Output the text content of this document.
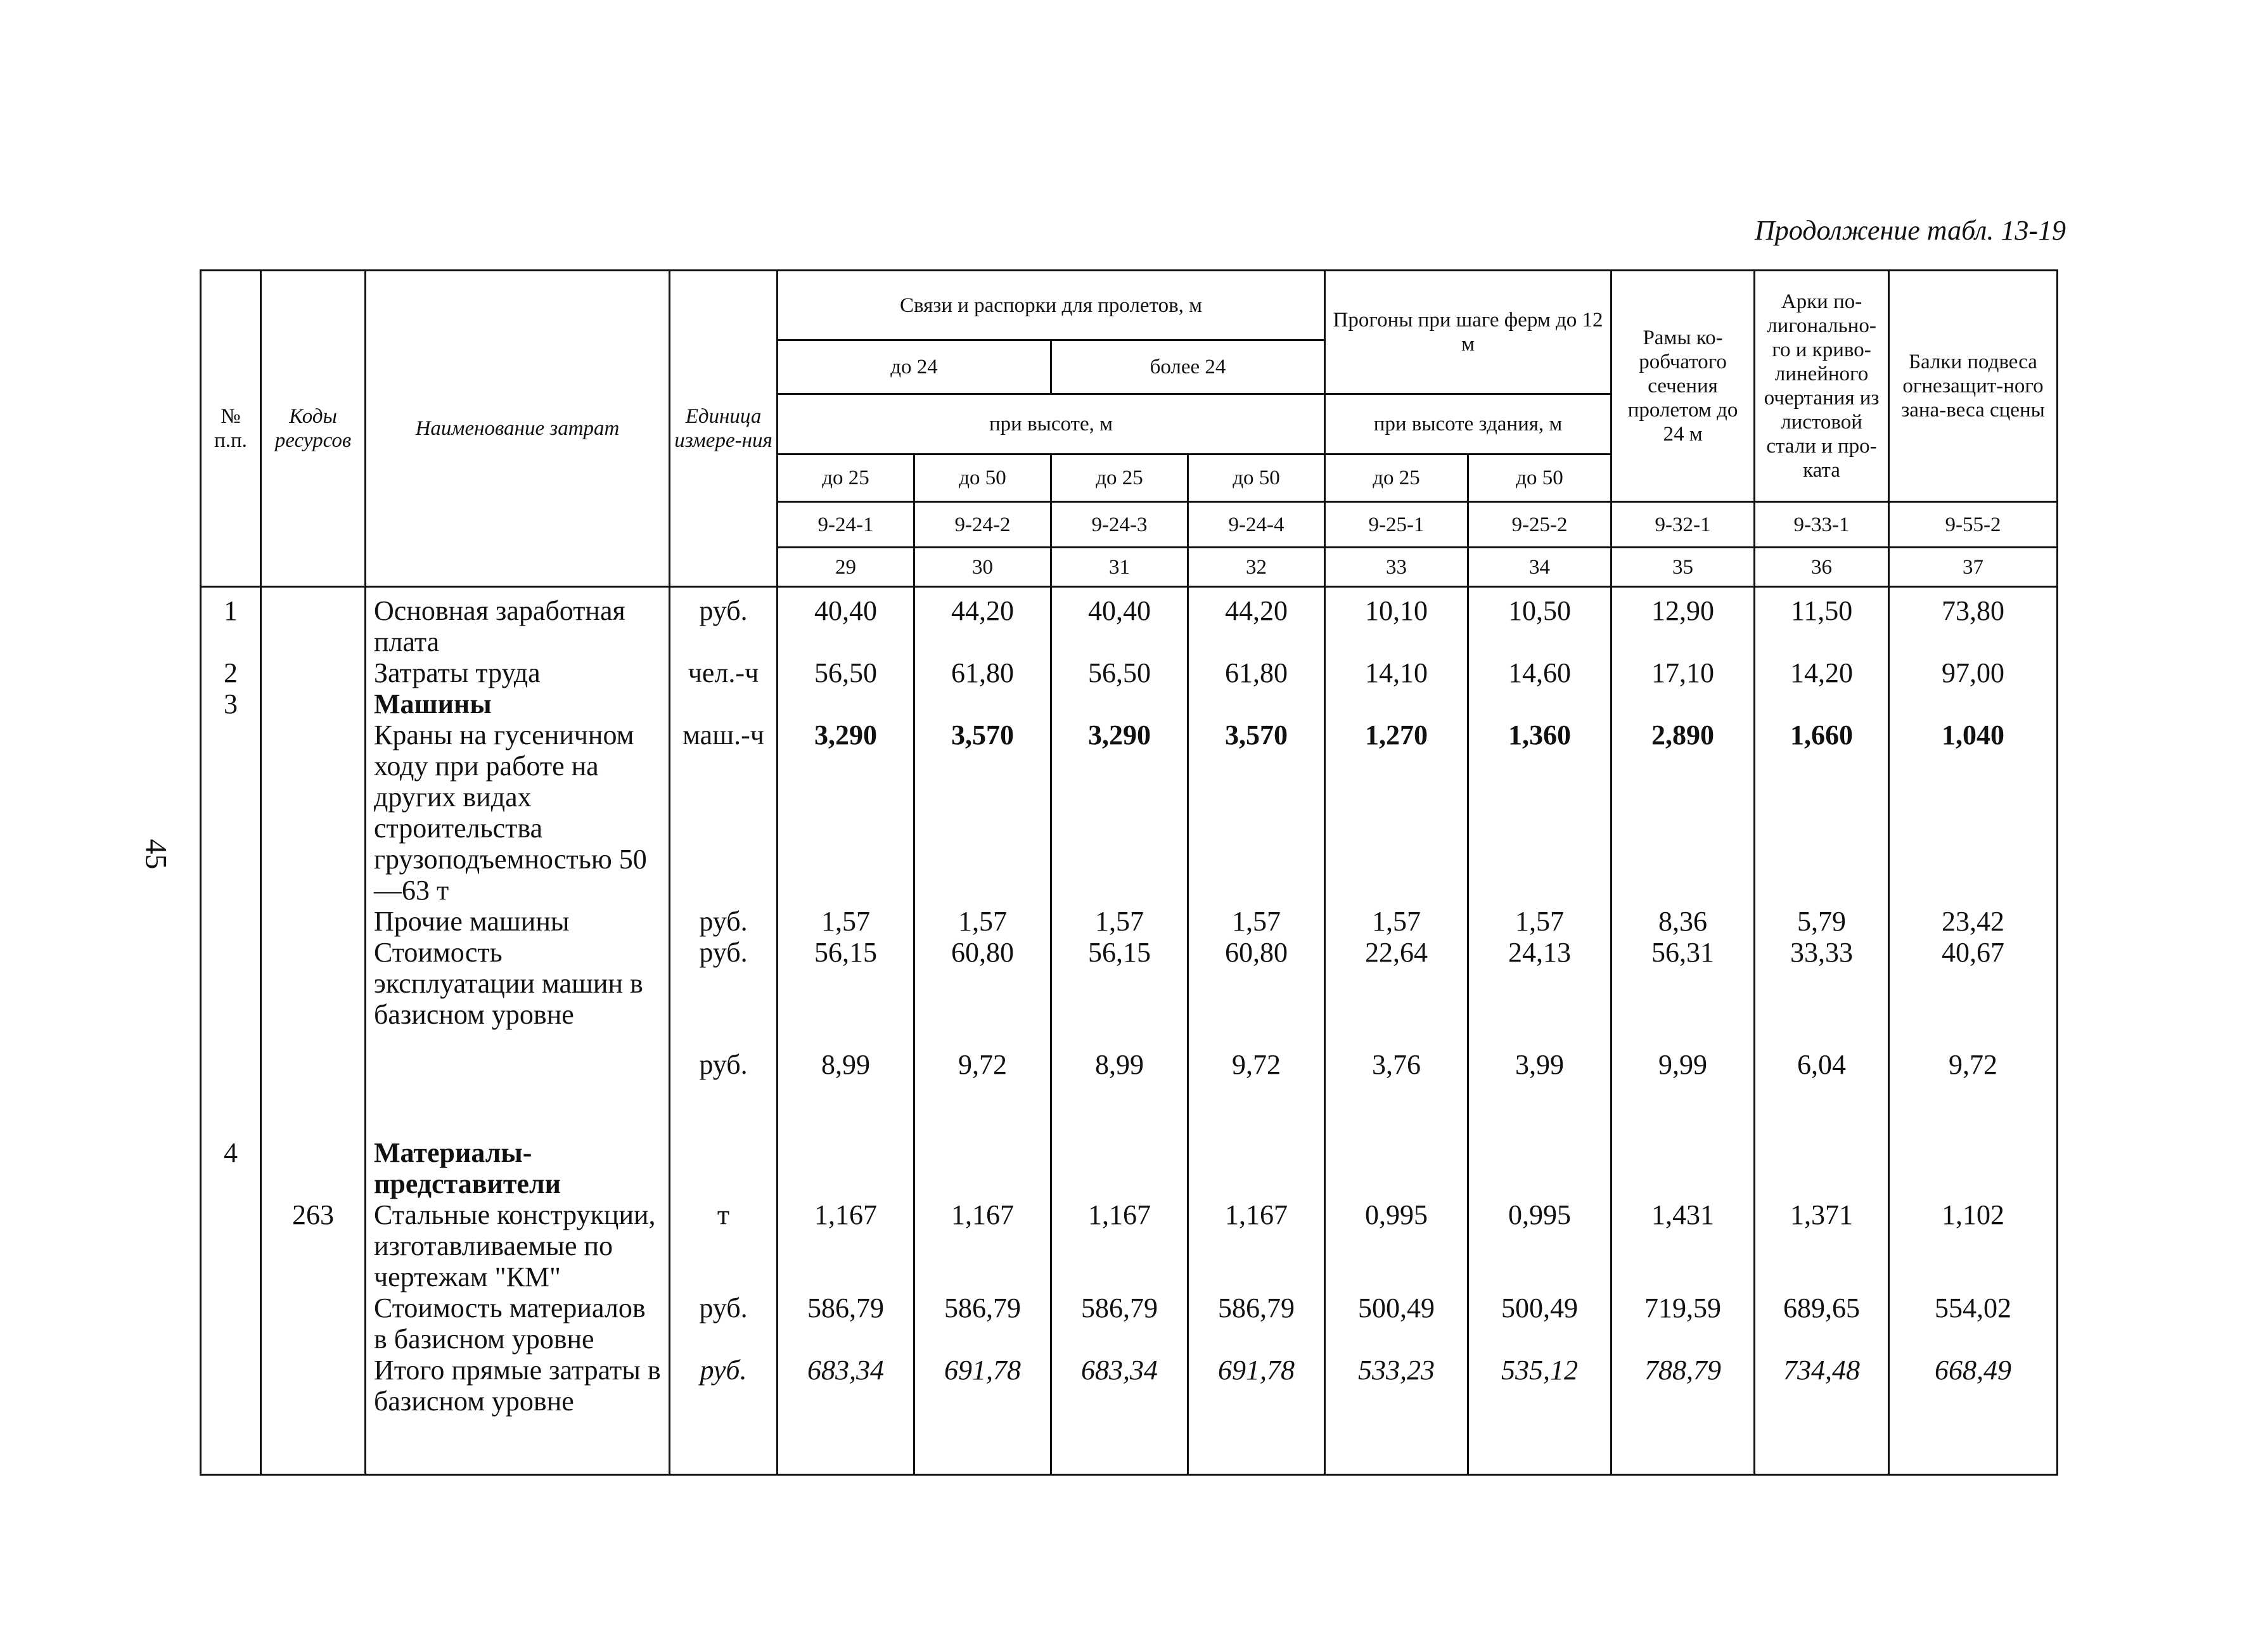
Продолжение табл. 13-19
45
№ п.п.	Коды ресурсов	Наименование затрат	Единица измере-ния	Связи и распорки для пролетов, м				Прогоны при шаге ферм до 12 м		Рамы ко-робчатого сечения пролетом до 24 м	Арки по-лигонально-го и криво-линейного очертания из листовой стали и про-ката	Балки подвеса огнезащит-ного зана-веса сцены
				до 24		более 24						
				при высоте, м				при высоте здания, м				
				до 25	до 50	до 25	до 50	до 25	до 50			
				9-24-1	9-24-2	9-24-3	9-24-4	9-25-1	9-25-2	9-32-1	9-33-1	9-55-2
				29	30	31	32	33	34	35	36	37
1		Основная заработная плата	руб.	40,40	44,20	40,40	44,20	10,10	10,50	12,90	11,50	73,80
2		Затраты труда	чел.-ч	56,50	61,80	56,50	61,80	14,10	14,60	17,10	14,20	97,00
3		Машины										
		Краны на гусеничном ходу при работе на других видах строительства грузоподъемностью 50—63 т	маш.-ч	3,290	3,570	3,290	3,570	1,270	1,360	2,890	1,660	1,040
		Прочие машины	руб.	1,57	1,57	1,57	1,57	1,57	1,57	8,36	5,79	23,42
		Стоимость эксплуатации машин в базисном уровне	руб.	56,15	60,80	56,15	60,80	22,64	24,13	56,31	33,33	40,67
			руб.	8,99	9,72	8,99	9,72	3,76	3,99	9,99	6,04	9,72
4		Материалы-представители										
	263	Стальные конструкции, изготавливаемые по чертежам "КМ"	т	1,167	1,167	1,167	1,167	0,995	0,995	1,431	1,371	1,102
		Стоимость материалов в базисном уровне	руб.	586,79	586,79	586,79	586,79	500,49	500,49	719,59	689,65	554,02
		Итого прямые затраты в базисном уровне	руб.	683,34	691,78	683,34	691,78	533,23	535,12	788,79	734,48	668,49
